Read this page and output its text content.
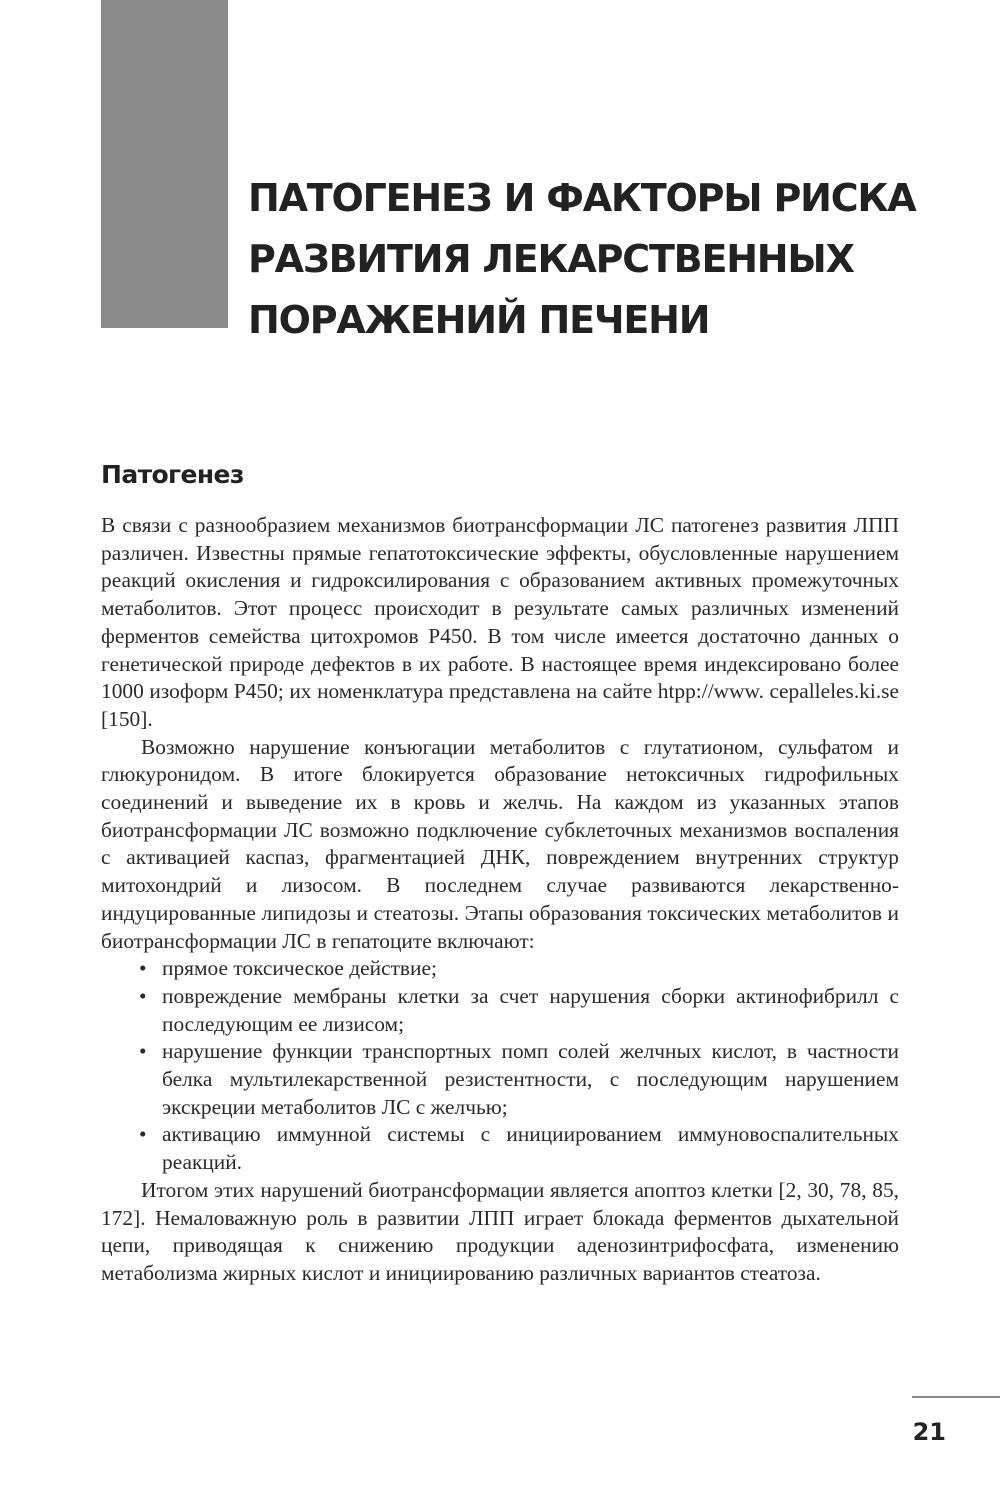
ПАТОГЕНЕЗ И ФАКТОРЫ РИСКА
РАЗВИТИЯ ЛЕКАРСТВЕННЫХ
ПОРАЖЕНИЙ ПЕЧЕНИ
Патогенез

В связи с разнообразием механизмов биотрансформации ЛС патогенез развития ЛПП различен. Известны прямые гепатотоксические эффекты, обусловленные нарушением реакций окисления и гидроксилирования с образованием активных промежуточных метаболитов. Этот процесс происходит в результате самых различных изменений ферментов семейства цитохромов P450. В том числе имеется достаточно данных о генетической природе дефектов в их работе. В настоящее время индексировано более 1000 изоформ P450; их номенклатура представлена на сайте htpp://www. cepalleles.ki.se [150].

Возможно нарушение конъюгации метаболитов с глутатионом, сульфатом и глюкуронидом. В итоге блокируется образование нетоксичных гидрофильных соединений и выведение их в кровь и желчь. На каждом из указанных этапов биотрансформации ЛС возможно подключение субклеточных механизмов воспаления с активацией каспаз, фрагментацией ДНК, повреждением внутренних структур митохондрий и лизосом. В последнем случае развиваются лекарственно-индуцированные липидозы и стеатозы. Этапы образования токсических метаболитов и биотрансформации ЛС в гепатоците включают:

• прямое токсическое действие;
• повреждение мембраны клетки за счет нарушения сборки актинофибрилл с последующим ее лизисом;
• нарушение функции транспортных помп солей желчных кислот, в частности белка мультилекарственной резистентности, с последующим нарушением экскреции метаболитов ЛС с желчью;
• активацию иммунной системы с инициированием иммуновоспалительных реакций.

Итогом этих нарушений биотрансформации является апоптоз клетки [2, 30, 78, 85, 172]. Немаловажную роль в развитии ЛПП играет блокада ферментов дыхательной цепи, приводящая к снижению продукции аденозинтрифосфата, изменению метаболизма жирных кислот и инициированию различных вариантов стеатоза.

21
